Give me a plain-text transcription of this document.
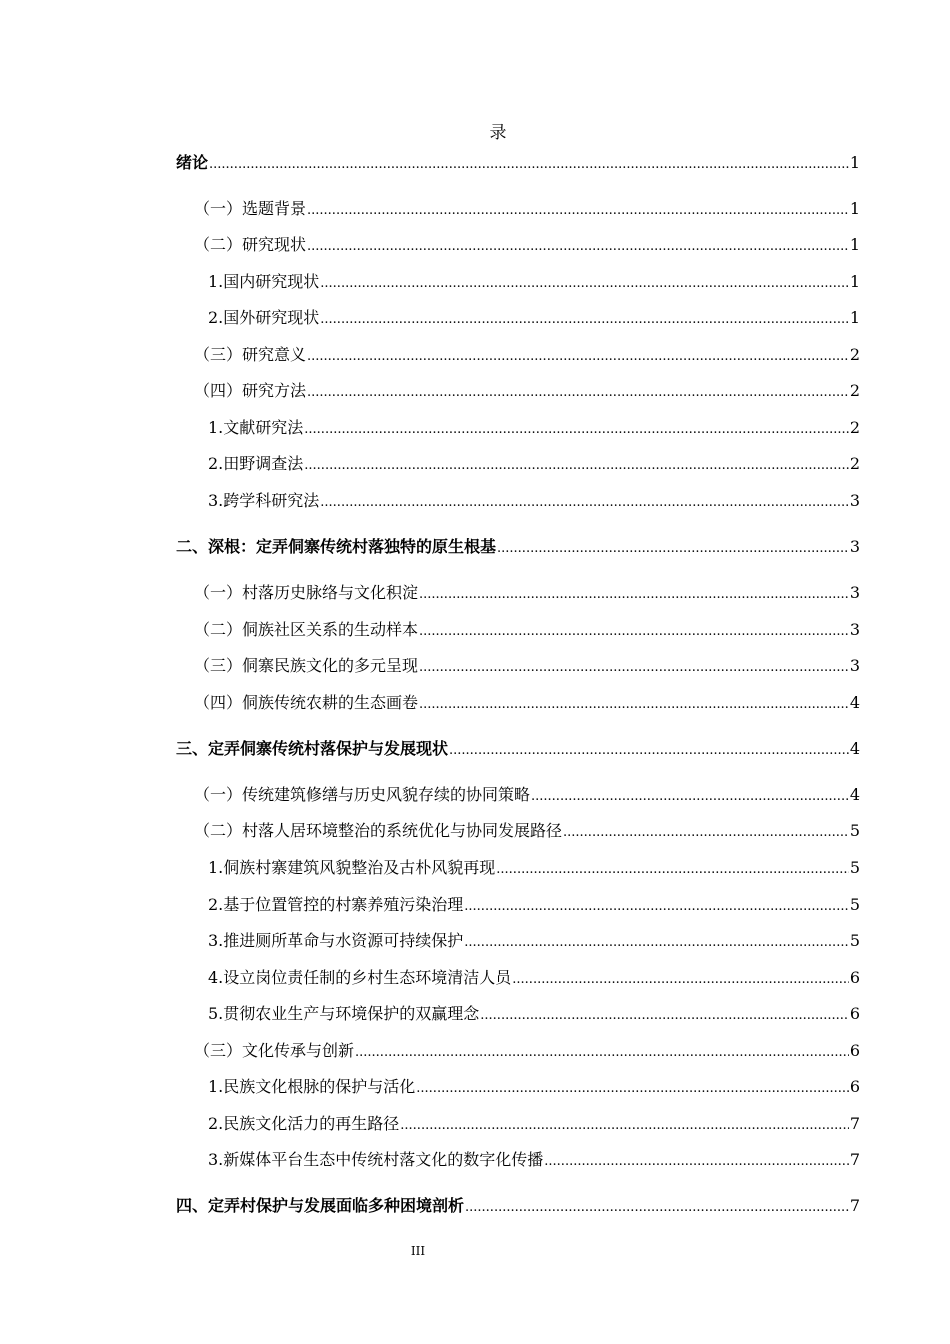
录
绪论 .....	1
（一）选题背景 .....	1
（二）研究现状 .....	1
1.国内研究现状 .....	1
2.国外研究现状 .....	1
（三）研究意义 .....	2
（四）研究方法 .....	2
1.文献研究法 .....	2
2.田野调查法 .....	2
3.跨学科研究法 .....	3
二、深根：定弄侗寨传统村落独特的原生根基 .....	3
（一）村落历史脉络与文化积淀 .....	3
（二）侗族社区关系的生动样本 .....	3
（三）侗寨民族文化的多元呈现 .....	3
（四）侗族传统农耕的生态画卷 .....	4
三、定弄侗寨传统村落保护与发展现状 .....	4
（一）传统建筑修缮与历史风貌存续的协同策略 .....	4
（二）村落人居环境整治的系统优化与协同发展路径 .....	5
1.侗族村寨建筑风貌整治及古朴风貌再现 .....	5
2.基于位置管控的村寨养殖污染治理 .....	5
3.推进厕所革命与水资源可持续保护 .....	5
4.设立岗位责任制的乡村生态环境清洁人员 .....	6
5.贯彻农业生产与环境保护的双赢理念 .....	6
（三）文化传承与创新 .....	6
1.民族文化根脉的保护与活化 .....	6
2.民族文化活力的再生路径 .....	7
3.新媒体平台生态中传统村落文化的数字化传播 .....	7
四、定弄村保护与发展面临多种困境剖析 .....	7
III
